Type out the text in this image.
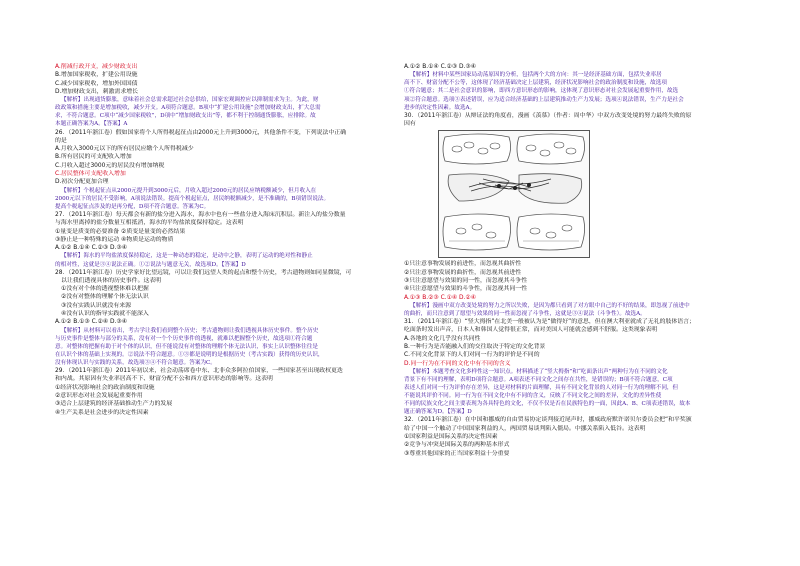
A.削减行政开支，减少财政支出
B.增加国家税收，扩建公用设施
C.减少国家税收，增加外国国债
D.增加财政支出，刺激需求增长
【解析】出现通货膨胀，意味着社会总需求超过社会总供给，国家宏观调控应以抑制需求为主。为此，财
政政策和措施主要是增加税收，减少开支。A项符合题意。B项中“扩建公用设施”会增加财政支出，扩大总需
求，不符合题意。C项中“减少国家税收”，D项中“增加财政支出”等，都不利于控制通货膨胀，应排除。故
本题正确答案为A。【答案】A
26．（2011年浙江卷）假如国家将个人所得税起征点由2000元上升到3000元，其他条件不变，下列说法中正确
的是
A.月收入3000元以下的所有居民应缴个人所得税减少
B.所有居民的可支配收入增加
C.月收入超过3000元的居民没有增加纳税
C.居民整体可支配收入增加
D.初次分配更加合理
【解析】个税起征点从2000元提升到3000元后，月收入超过2000元的居民应纳税额减少，但月收入在
2000元以下的居民不受影响，A项说法错误。提高个税起征点，居民纳税额减少，是不准确的，B项错误说法。
提高个税起征点涉及的是再分配，D项不符合题意。答案为C。
27．（2011年浙江卷）每天都会有新的盐分进入海水，海水中也有一些盐分进入海床沉积层。新注入的盐分数量
与海水里离掉的盐分数量互相抵消，海水的平均盐浓度保持稳定。这表明
①量变是质变的必要准备 ②质变是量变的必然结果
③静止是一种特殊的运动 ④物质是运动的物质
A.①② B.①④ C.②③ D.③④
【解析】海水的平均盐浓度保持稳定，这是一种动态的稳定，是动中之静，表明了运动的绝对性和静止
的相对性，这就是③④说法正确。①②说法与题意无关，故选项D。【答案】D
28．（2011年浙江卷）历史学家好比望远镜，可以让我们远望人类的起点和整个历史，考古遗物则如同显微镜，可
以让我们透视具体的历史事件。这表明
①没有对个体的透视整体难以把握
②没有对整体的理解个体无法认识
③没有实践认识就没有来源
④没有认识的指导实践就不能深入
A.①② B.①③ C.②④ D.③④
【解析】从材料可以看出，考古学让我们看到整个历史；考古遗物则让我们透视具体历史事件。整个历史
与历史事件是整体与部分的关系，没有对一个个历史事件的透视，就难以把握整个历史，故选项①符合题
意。对整体的把握有助于对个体的认识，但不能说没有对整体的理解个体无法认识，事实上认识整体往往是
在认识个体的基础上实现的。②说法不符合题意。①③都是说明的是根据历史（考古实践）获得的历史认识，
没有体现认识与实践的关系，故选项③④不符合题意。答案为C。
29．（2011年浙江卷）2011年初以来，社会动荡席卷中东、北非众多阿拉伯国家，一些国家甚至出现政权更迭
和内战。其原因有失业率居高不下、财富分配不公和西方意识形态的影响等。这表明
①经济状况影响社会的政治制度和设施
②意识形态对社会发展起重要作用
③适合上层建筑的经济基础推动生产力的发展
④生产关系是社会进步的决定性因素
A.①② B.①④ C.②③ D.③④
【解析】材料中某些国家局动荡原因的分析，包括两个大的方向：其一是经济基础方面，包括失业率居
高不下、财富分配不公等，这体现了经济基础决定上层建筑，经济状况影响社会的政治制度和设施，故选项
①符合题意；其二是社会意识的影响，即西方意识形态的影响，这体现了意识形态对社会发展起重要作用，故选
项②符合题意。选项③表述错误，应为适合经济基础的上层建筑推动生产力发展；选项④说法错误，生产力是社会
进步的决定性因素。故选A。
30．（2011年浙江卷）从辩证法的角度看，漫画《羡慕》（作者：周中华）中双方改变处境的努力最终失败的原
因有
①只注意事物发展的前进性，而忽视其曲折性
②只注意事物发展的曲折性，而忽视其前进性
③只注意愿望与效果的同一性，而忽视其斗争性
④只注意愿望与效果的斗争性，而忽视其同一性
A.①③ B.②③ C.①④ D.②④
【解析】漫画中双方改变处境的努力之所以失败，是因为都只看到了对方眼中自己的不好的结果，即忽视了前进中
的曲折，而只注意到了愿望与效果的同一性而忽视了斗争性，这就是③④说法（斗争性）。故选A。
31．（2011年浙江卷）“竖大拇指”在北美一般被认为是“做得好”的意思，但在澳大利亚就成了无礼的肢体语言；
吃面条时发出声音，日本人和韩国人觉得很正常，而对美国人可能就会感到不舒服。这类现象表明
A.各地的文化几乎没有共同性
B.一种行为是否能融入们的交往取决于特定的文化背景
C.不同文化背景下的人们对同一行为的评价是不同的
D.同一行为在不同的文化中有不同的含义
【解析】本题考查文化多样性这一知识点。材料描述了“竖大拇指”和“吃面条出声”两种行为在不同的文化
背景下有不同的理解，表明D项符合题意。A项表述不同文化之间存在共性，是错误的；B项不符合题意，C项
表述人们对同一行为评价存在差异，这是对材料的片面理解，具有不同文化背景的人对同一行为的理解不同，但
不能说其评价不同。同一行为在不同文化中有不同的含义，反映了不同文化之间的差异，文化的差异性使
不同的民族文化之间主要表现为各具特色的文化，不仅不仅是否在民族特色的一面，因此A、B、C项表述错误，故本
题正确答案为D。【答案】D
32．（2011年浙江卷）在中国和挪威的自由贸易协定谈判接近尾声时，挪威政府默许诺贝尔委员会把“和平奖颁
给了中国一个触动了中国国家利益的人，两国贸易谈判陷入僵局。中挪关系陷入低谷。这表明
①国家利益是国际关系的决定性因素
②竞争与冲突是国际关系的两种基本形式
③尊重其他国家的正当国家利益十分重要
